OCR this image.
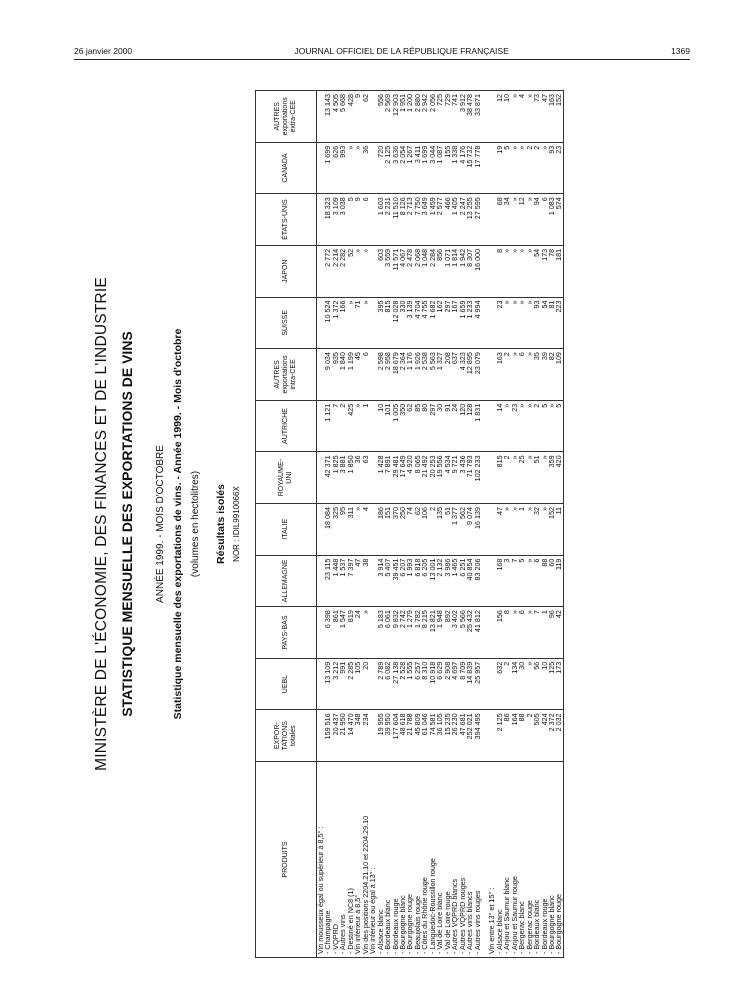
26 janvier 2000	JOURNAL OFFICIEL DE LA RÉPUBLIQUE FRANÇAISE	1369
MINISTÈRE DE L'ÉCONOMIE, DES FINANCES ET DE L'INDUSTRIE STATISTIQUE MENSUELLE DES EXPORTATIONS DE VINS ANNÉE 1999. - MOIS D'OCTOBRE Statistique mensuelle des exportations de vins. - Année 1999. - Mois d'octobre (volumes en hectolitres) Résultats isolés NOR : IDIL9910066X
PRODUITS	EXPOR-TATIONS totales	UEBL	PAYS-BAS	ALLEMAGNE	ITALIE	ROYAUME-UNI	AUTRICHE	AUTRES exportations intra-CEE	SUISSE	JAPON	ÉTATS-UNIS	CANADA	AUTRES exportations extra-CEE
Vin mousseux égal ou supérieur à 8,5° :													
- Champagne	159 516	13 109	6 398	23 115	18 084	42 371	1 121	9 034	10 524	2 772	18 323	1 699	13 143
- VQPRD	20 437	3 212	861	1 448	325	1 825	7	935	1 372	2 214	3 109	626	4 505
- Autres vins	21 950	991	1 547	1 537	95	3 881	2	1 840	166	2 282	3 038	993	5 668
- Destiné en NC8 (1)	14 470	2 285	819	7 397	311	1 850	425	1 199	»	52	5	»	428
Vin inférieur à 8,5°	348	105	24	47	»	36	»	45	71	»	9	»	9
Vin des positions 2204.21.10 et 2204.29.10	234	20	»	38	4	63	1	6	»	»	6	36	62
Vin inférieur ou égal à 13° :													
- Alsace blanc	19 955	2 789	5 183	3 914	186	1 428	10	2 598	395	603	1 603	720	556
- Bordeaux blanc	39 950	6 082	6 061	5 407	151	7 891	101	2 958	815	3 559	2 231	2 125	2 569
- Bordeaux rouge	177 604	27 138	9 832	39 451	370	29 481	1 005	18 679	12 028	11 571	11 510	3 636	12 903
- Bourgogne blanc	48 618	2 528	2 742	6 207	250	17 649	350	2 364	330	4 067	8 126	2 054	1 951
- Bourgogne rouge	21 788	1 555	1 279	1 993	74	4 920	62	1 176	3 139	2 478	2 713	1 267	1 200
- Beaujolais rouge	45 809	6 257	1 782	6 818	62	8 065	85	1 926	4 704	2 068	7 750	3 411	2 880
- Côtes du Rhône rouge	61 046	8 310	8 215	6 205	106	21 492	80	2 538	4 755	1 048	3 649	1 699	2 942
- Languedoc-Roussillon rouge	74 581	10 918	13 821	13 001	2	20 253	297	5 563	1 682	2 284	1 459	3 044	2 056
- Val de Loire blanc	36 105	6 629	1 948	2 132	135	19 556	30	1 327	162	856	2 577	1 087	725
- Val de Loire rouge	15 235	2 908	892	3 986	51	4 534	91	208	297	1 071	466	155	729
- Autres VQPRD blancs	26 230	4 697	3 402	1 465	1 377	9 721	24	637	167	1 814	1 405	1 338	741
- Autres VQPRD rouges	47 681	8 709	5 566	6 251	562	3 436	120	4 323	1 659	1 942	2 247	4 176	3 912
- Autres vins blancs	252 021	14 839	25 432	40 854	9 074	71 793	128	12 895	1 233	8 307	13 255	15 732	38 478
- Autres vins rouges	394 495	25 957	41 812	83 206	16 139	102 233	1 831	23 079	4 994	16 000	27 595	17 778	33 871

Vin entre 13° et 15° :													
- Alsace blanc	2 125	632	156	168	47	815	14	163	23	8	68	19	12
- Anjou et Saumur blanc	86	2	8	3	»	2	»	2	»	»	34	5	10
- Anjou et Saumur rouge	164	134	»	7	»	»	23	»	»	»	»	»	»
- Bergerac blanc	88	30	6	5	1	25	»	6	»	»	12	»	4
- Bergerac rouge	2	»	»	»	»	»	»	»	»	»	»	2	»
- Bordeaux blanc	505	56	7	6	32	51	2	35	93	54	94	2	73
- Bordeaux rouge	424	10	1	88	»	»	5	39	54	173	6	»	47
- Bourgogne blanc	2 372	125	96	60	152	359	»	82	81	78	1 083	93	163
- Bourgogne rouge	2 032	173	42	119	11	420	5	109	223	181	574	23	152
